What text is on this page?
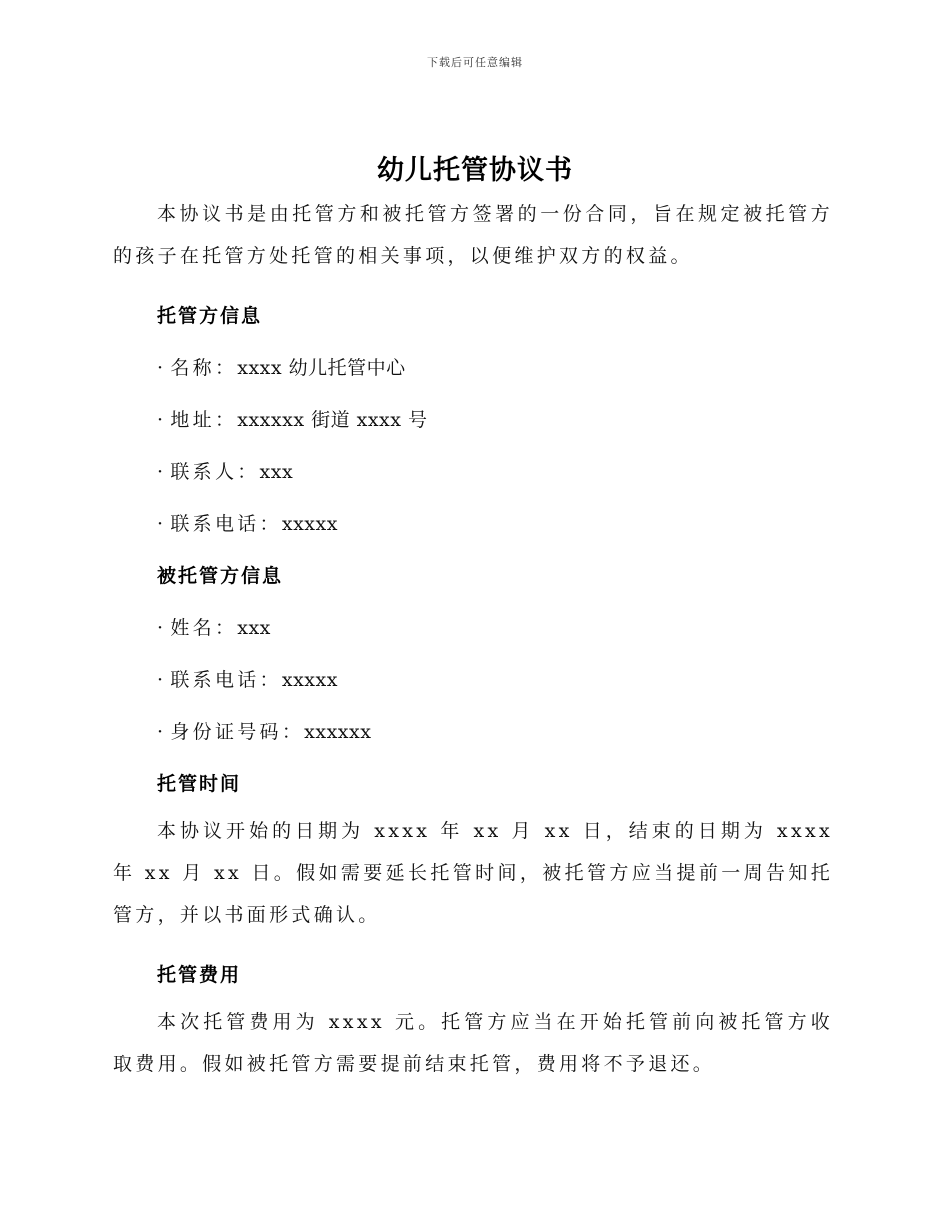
下载后可任意编辑
幼儿托管协议书

本协议书是由托管方和被托管方签署的一份合同，旨在规定被托管方的孩子在托管方处托管的相关事项，以便维护双方的权益。

托管方信息

· 名称：xxxx 幼儿托管中心

· 地址：xxxxxx 街道 xxxx 号

· 联系人：xxx

· 联系电话：xxxxx

被托管方信息

· 姓名：xxx

· 联系电话：xxxxx

· 身份证号码：xxxxxx

托管时间

本协议开始的日期为 xxxx 年 xx 月 xx 日，结束的日期为 xxxx 年 xx 月 xx 日。假如需要延长托管时间，被托管方应当提前一周告知托管方，并以书面形式确认。

托管费用

本次托管费用为 xxxx 元。托管方应当在开始托管前向被托管方收取费用。假如被托管方需要提前结束托管，费用将不予退还。
